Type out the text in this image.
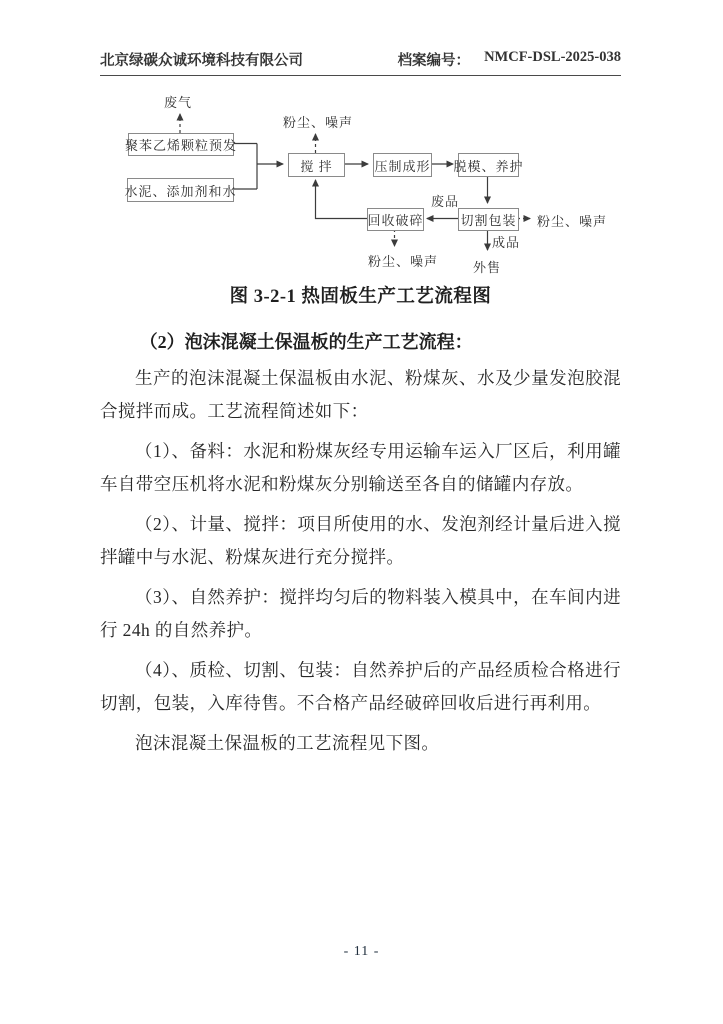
北京绿碳众诚环境科技有限公司	档案编号： NMCF-DSL-2025-038
聚苯乙烯颗粒预发
水泥、添加剂和水
搅 拌	压制成形 脱模、养护
切割包装
回收破碎
废气
粉尘、噪声
废品
粉尘、噪声
成品
外售
粉尘、噪声
图 3-2-1 热固板生产工艺流程图
（2）泡沫混凝土保温板的生产工艺流程：

生产的泡沫混凝土保温板由水泥、粉煤灰、水及少量发泡胶混合搅拌而成。工艺流程简述如下：

（1）、备料：水泥和粉煤灰经专用运输车运入厂区后，利用罐车自带空压机将水泥和粉煤灰分别输送至各自的储罐内存放。

（2）、计量、搅拌：项目所使用的水、发泡剂经计量后进入搅拌罐中与水泥、粉煤灰进行充分搅拌。

（3）、自然养护：搅拌均匀后的物料装入模具中，在车间内进行 24h 的自然养护。

（4）、质检、切割、包装：自然养护后的产品经质检合格进行切割，包装，入库待售。不合格产品经破碎回收后进行再利用。

泡沫混凝土保温板的工艺流程见下图。

- 11 -
